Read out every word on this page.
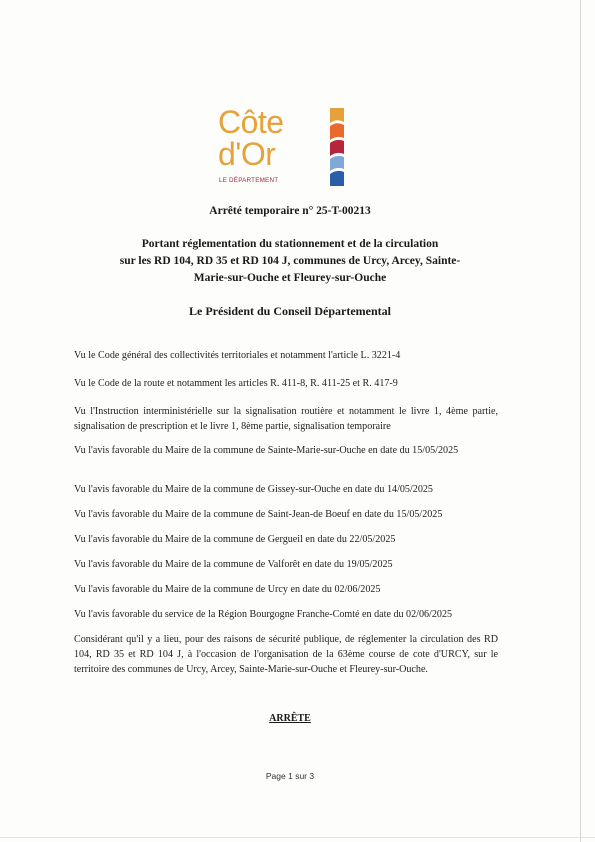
Côte
d'Or
LE DÉPARTEMENT
Arrêté temporaire n° 25-T-00213
Portant réglementation du stationnement et de la circulation
sur les RD 104, RD 35 et RD 104 J, communes de Urcy, Arcey, Sainte-
Marie-sur-Ouche et Fleurey-sur-Ouche
Le Président du Conseil Départemental
Vu le Code général des collectivités territoriales et notamment l'article L. 3221-4
Vu le Code de la route et notamment les articles R. 411-8, R. 411-25 et R. 417-9
Vu l'Instruction interministérielle sur la signalisation routière et notamment le livre 1, 4ème partie, signalisation de prescription et le livre 1, 8ème partie, signalisation temporaire
Vu l'avis favorable du Maire de la commune de Sainte-Marie-sur-Ouche en date du 15/05/2025
Vu l'avis favorable du Maire de la commune de Gissey-sur-Ouche en date du 14/05/2025
Vu l'avis favorable du Maire de la commune de Saint-Jean-de Boeuf en date du 15/05/2025
Vu l'avis favorable du Maire de la commune de Gergueil en date du 22/05/2025
Vu l'avis favorable du Maire de la commune de Valforêt en date du 19/05/2025
Vu l'avis favorable du Maire de la commune de Urcy en date du 02/06/2025
Vu l'avis favorable du service de la Région Bourgogne Franche-Comté en date du 02/06/2025
Considérant qu'il y a lieu, pour des raisons de sécurité publique, de réglementer la circulation des RD 104, RD 35 et RD 104 J, à l'occasion de l'organisation de la 63ème course de cote d'URCY, sur le territoire des communes de Urcy, Arcey, Sainte-Marie-sur-Ouche et Fleurey-sur-Ouche.
ARRÊTE
Page 1 sur 3
